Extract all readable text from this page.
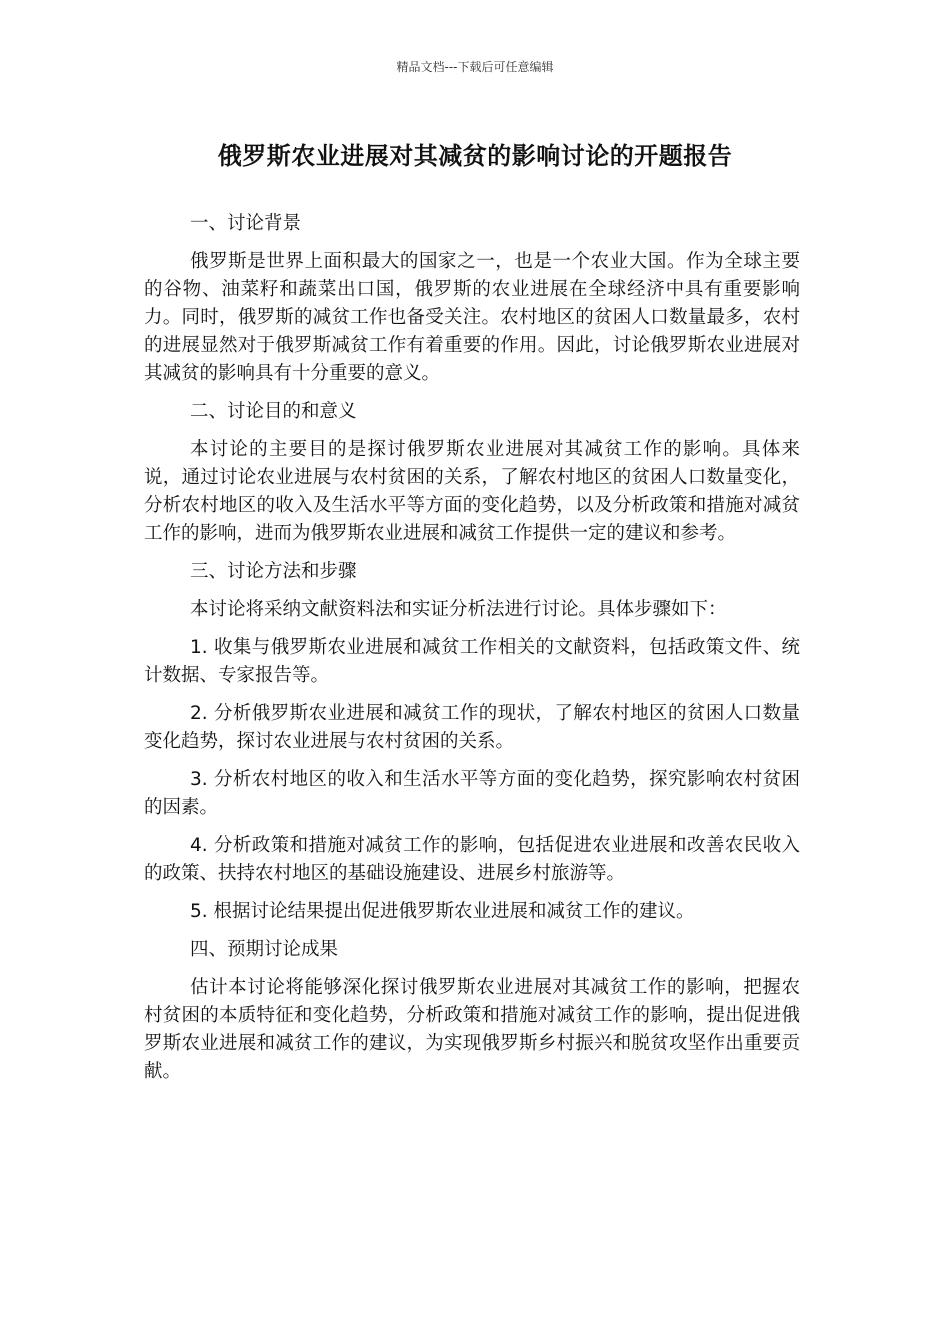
精品文档---下载后可任意编辑
俄罗斯农业进展对其减贫的影响讨论的开题报告

一、讨论背景

俄罗斯是世界上面积最大的国家之一，也是一个农业大国。作为全球主要的谷物、油菜籽和蔬菜出口国，俄罗斯的农业进展在全球经济中具有重要影响力。同时，俄罗斯的减贫工作也备受关注。农村地区的贫困人口数量最多，农村的进展显然对于俄罗斯减贫工作有着重要的作用。因此，讨论俄罗斯农业进展对其减贫的影响具有十分重要的意义。

二、讨论目的和意义

本讨论的主要目的是探讨俄罗斯农业进展对其减贫工作的影响。具体来说，通过讨论农业进展与农村贫困的关系，了解农村地区的贫困人口数量变化，分析农村地区的收入及生活水平等方面的变化趋势，以及分析政策和措施对减贫工作的影响，进而为俄罗斯农业进展和减贫工作提供一定的建议和参考。

三、讨论方法和步骤

本讨论将采纳文献资料法和实证分析法进行讨论。具体步骤如下：

1. 收集与俄罗斯农业进展和减贫工作相关的文献资料，包括政策文件、统计数据、专家报告等。

2. 分析俄罗斯农业进展和减贫工作的现状，了解农村地区的贫困人口数量变化趋势，探讨农业进展与农村贫困的关系。

3. 分析农村地区的收入和生活水平等方面的变化趋势，探究影响农村贫困的因素。

4. 分析政策和措施对减贫工作的影响，包括促进农业进展和改善农民收入的政策、扶持农村地区的基础设施建设、进展乡村旅游等。

5. 根据讨论结果提出促进俄罗斯农业进展和减贫工作的建议。

四、预期讨论成果

估计本讨论将能够深化探讨俄罗斯农业进展对其减贫工作的影响，把握农村贫困的本质特征和变化趋势，分析政策和措施对减贫工作的影响，提出促进俄罗斯农业进展和减贫工作的建议，为实现俄罗斯乡村振兴和脱贫攻坚作出重要贡献。
